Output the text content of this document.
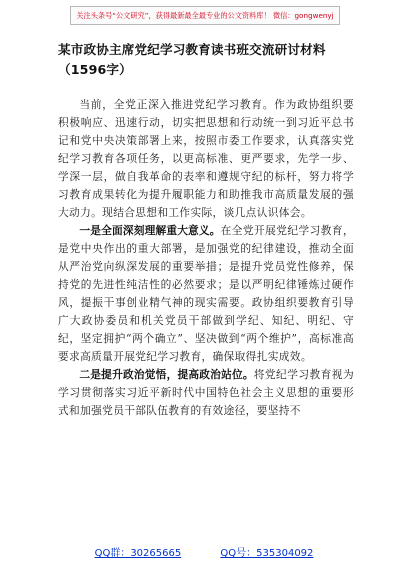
关注头条号“公文研究”，获得最新最全最专业的公文资料库！ 微信：gongwenyj
某市政协主席党纪学习教育读书班交流研讨材料（1596字）

当前，全党正深入推进党纪学习教育。作为政协组织要积极响应、迅速行动，切实把思想和行动统一到习近平总书记和党中央决策部署上来，按照市委工作要求，认真落实党纪学习教育各项任务，以更高标准、更严要求，先学一步、学深一层，做自我革命的表率和遵规守纪的标杆，努力将学习教育成果转化为提升履职能力和助推我市高质量发展的强大动力。现结合思想和工作实际，谈几点认识体会。

一是全面深刻理解重大意义。在全党开展党纪学习教育，是党中央作出的重大部署，是加强党的纪律建设，推动全面从严治党向纵深发展的重要举措；是提升党员党性修养，保持党的先进性纯洁性的必然要求；是以严明纪律锤炼过硬作风，提振干事创业精气神的现实需要。政协组织要教育引导广大政协委员和机关党员干部做到学纪、知纪、明纪、守纪，坚定拥护“两个确立”、坚决做到“两个维护”，高标准高要求高质量开展党纪学习教育，确保取得扎实成效。

二是提升政治觉悟，提高政治站位。将党纪学习教育视为学习贯彻落实习近平新时代中国特色社会主义思想的重要形式和加强党员干部队伍教育的有效途径，要坚持不

QQ群：30265665	QQ号：535304092
